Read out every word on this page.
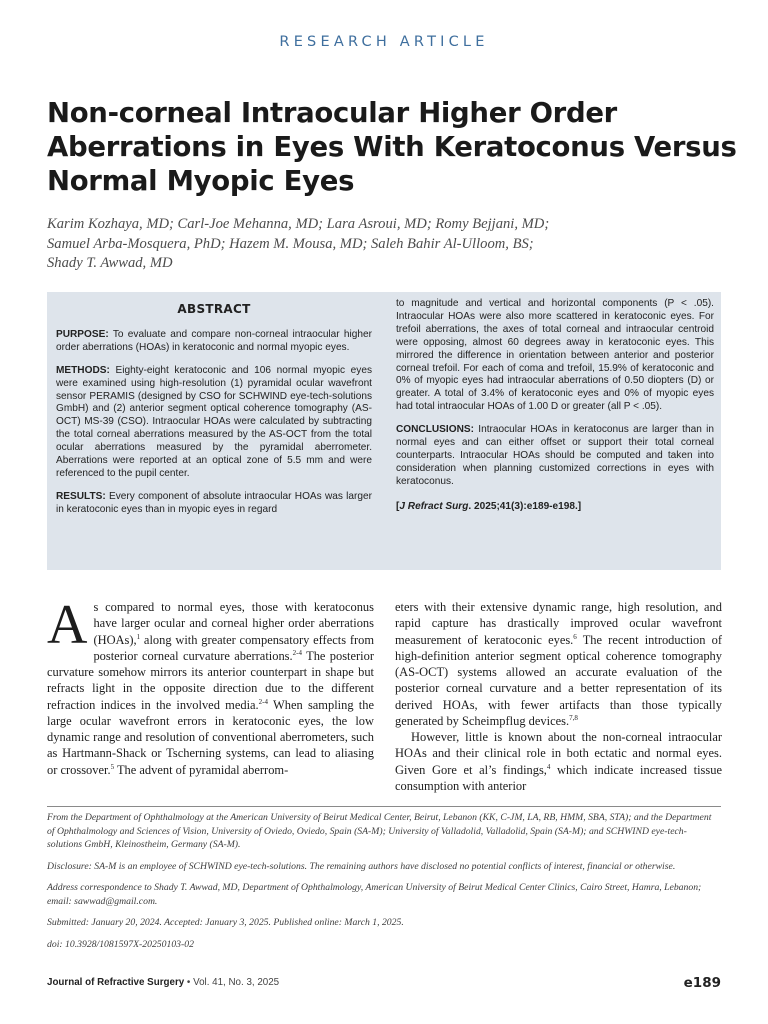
RESEARCH ARTICLE
Non-corneal Intraocular Higher Order Aberrations in Eyes With Keratoconus Versus Normal Myopic Eyes
Karim Kozhaya, MD; Carl-Joe Mehanna, MD; Lara Asroui, MD; Romy Bejjani, MD;
Samuel Arba-Mosquera, PhD; Hazem M. Mousa, MD; Saleh Bahir Al-Ulloom, BS;
Shady T. Awwad, MD
ABSTRACT

PURPOSE: To evaluate and compare non-corneal intraocular higher order aberrations (HOAs) in keratoconic and normal myopic eyes.

METHODS: Eighty-eight keratoconic and 106 normal myopic eyes were examined using high-resolution (1) pyramidal ocular wavefront sensor PERAMIS (designed by CSO for SCHWIND eye-tech-solutions GmbH) and (2) anterior segment optical coherence tomography (AS-OCT) MS-39 (CSO). Intraocular HOAs were calculated by subtracting the total corneal aberrations measured by the AS-OCT from the total ocular aberrations measured by the pyramidal aberrometer. Aberrations were reported at an optical zone of 5.5 mm and were referenced to the pupil center.

RESULTS: Every component of absolute intraocular HOAs was larger in keratoconic eyes than in myopic eyes in regard

to magnitude and vertical and horizontal components (P < .05). Intraocular HOAs were also more scattered in keratoconic eyes. For trefoil aberrations, the axes of total corneal and intraocular centroid were opposing, almost 60 degrees away in keratoconic eyes. This mirrored the difference in orientation between anterior and posterior corneal trefoil. For each of coma and trefoil, 15.9% of keratoconic and 0% of myopic eyes had intraocular aberrations of 0.50 diopters (D) or greater. A total of 3.4% of keratoconic eyes and 0% of myopic eyes had total intraocular HOAs of 1.00 D or greater (all P < .05).

CONCLUSIONS: Intraocular HOAs in keratoconus are larger than in normal eyes and can either offset or support their total corneal counterparts. Intraocular HOAs should be computed and taken into consideration when planning customized corrections in eyes with keratoconus.

[J Refract Surg. 2025;41(3):e189-e198.]

As compared to normal eyes, those with keratoconus have larger ocular and corneal higher order aberrations (HOAs),$^1$ along with greater compensatory effects from posterior corneal curvature aberrations.$^{2-4}$ The posterior curvature somehow mirrors its anterior counterpart in shape but refracts light in the opposite direction due to the different refraction indices in the involved media.$^{2-4}$ When sampling the large ocular wavefront errors in keratoconic eyes, the low dynamic range and resolution of conventional aberrometers, such as Hartmann-Shack or Tscherning systems, can lead to aliasing or crossover.$^5$ The advent of pyramidal aberrom-

eters with their extensive dynamic range, high resolution, and rapid capture has drastically improved ocular wavefront measurement of keratoconic eyes.$^6$ The recent introduction of high-definition anterior segment optical coherence tomography (AS-OCT) systems allowed an accurate evaluation of the posterior corneal curvature and a better representation of its derived HOAs, with fewer artifacts than those typically generated by Scheimpflug devices.$^{7,8}$

However, little is known about the non-corneal intraocular HOAs and their clinical role in both ectatic and normal eyes. Given Gore et al’s findings,$^4$ which indicate increased tissue consumption with anterior

From the Department of Ophthalmology at the American University of Beirut Medical Center, Beirut, Lebanon (KK, C-JM, LA, RB, HMM, SBA, STA); and the Department of Ophthalmology and Sciences of Vision, University of Oviedo, Oviedo, Spain (SA-M); University of Valladolid, Valladolid, Spain (SA-M); and SCHWIND eye-tech-solutions GmbH, Kleinostheim, Germany (SA-M).

Disclosure: SA-M is an employee of SCHWIND eye-tech-solutions. The remaining authors have disclosed no potential conflicts of interest, financial or otherwise.

Address correspondence to Shady T. Awwad, MD, Department of Ophthalmology, American University of Beirut Medical Center Clinics, Cairo Street, Hamra, Lebanon; email: sawwad@gmail.com.

Submitted: January 20, 2024. Accepted: January 3, 2025. Published online: March 1, 2025.

doi: 10.3928/1081597X-20250103-02

Journal of Refractive Surgery • Vol. 41, No. 3, 2025	e189
